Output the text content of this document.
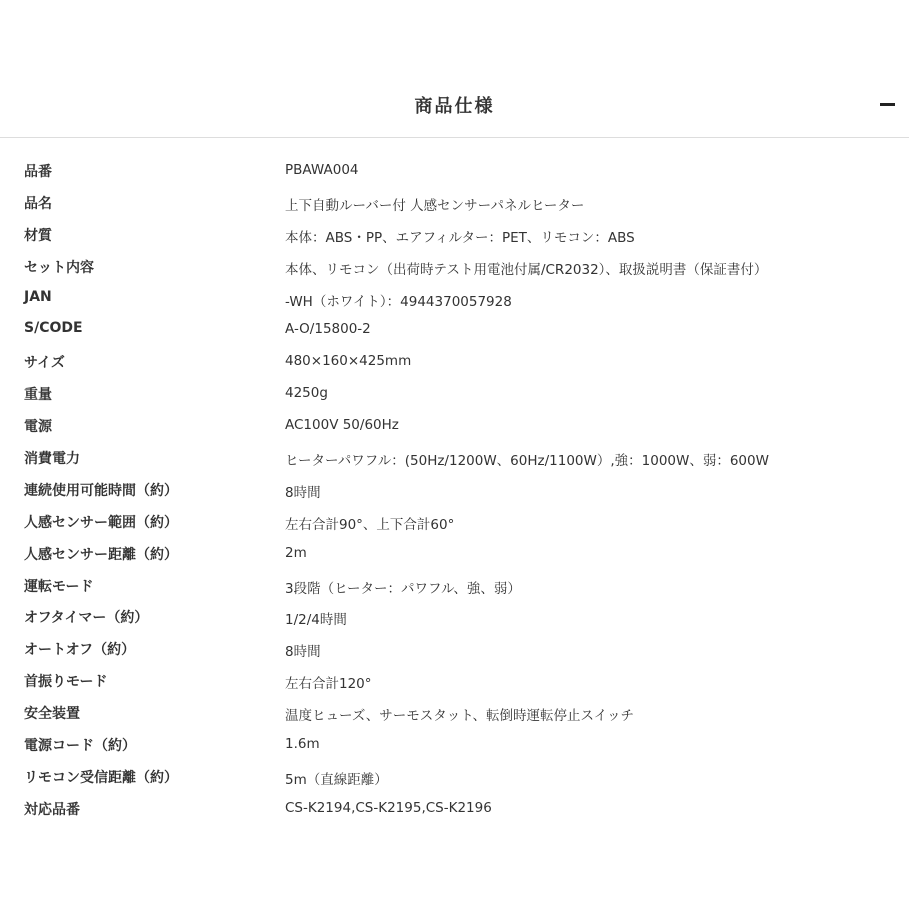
商品仕様
品番	PBAWA004
品名	上下自動ルーバー付 人感センサーパネルヒーター
材質	本体：ABS・PP、エアフィルター：PET、リモコン：ABS
セット内容	本体、リモコン（出荷時テスト用電池付属/CR2032）、取扱説明書（保証書付）
JAN	-WH（ホワイト）：4944370057928
S/CODE	A-O/15800-2
サイズ	480×160×425mm
重量	4250g
電源	AC100V 50/60Hz
消費電力	ヒーターパワフル：(50Hz/1200W、60Hz/1100W）,強：1000W、弱：600W
連続使用可能時間（約）	8時間
人感センサー範囲（約）	左右合計90°、上下合計60°
人感センサー距離（約）	2m
運転モード	3段階（ヒーター：パワフル、強、弱）
オフタイマー（約）	1/2/4時間
オートオフ（約）	8時間
首振りモード	左右合計120°
安全装置	温度ヒューズ、サーモスタット、転倒時運転停止スイッチ
電源コード（約）	1.6m
リモコン受信距離（約）	5m（直線距離）
対応品番	CS-K2194,CS-K2195,CS-K2196
